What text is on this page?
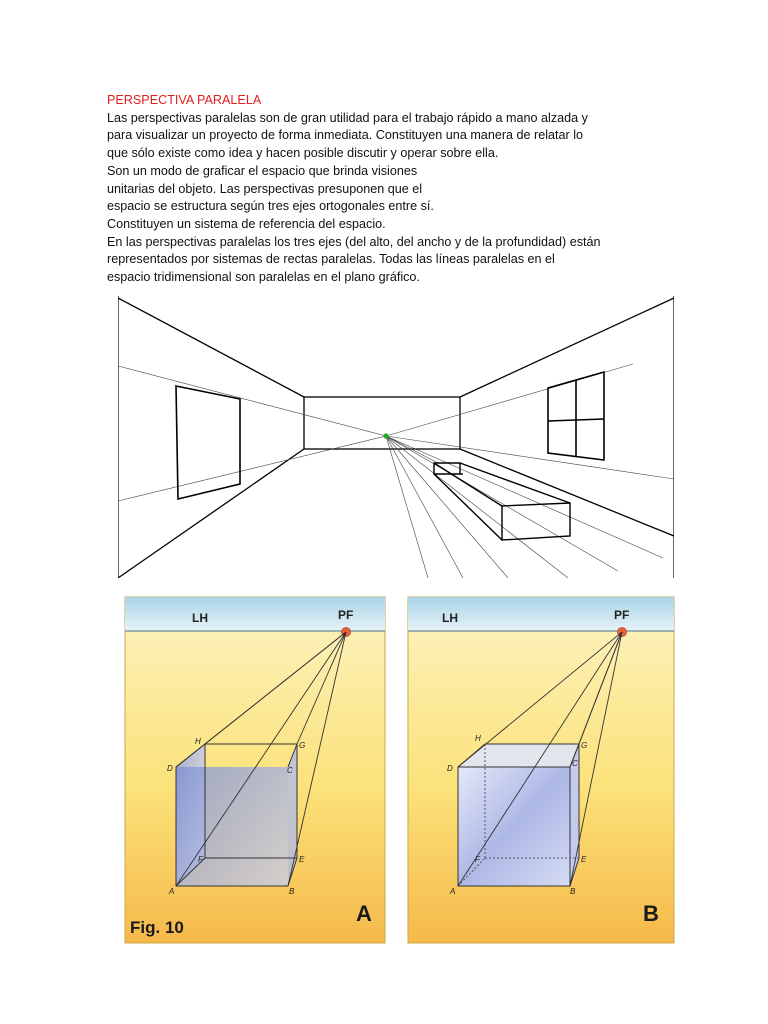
PERSPECTIVA PARALELA
Las perspectivas paralelas son de gran utilidad para el trabajo rápido a mano alzada y
para visualizar un proyecto de forma inmediata. Constituyen una manera de relatar lo
que sólo existe como idea y hacen posible discutir y operar sobre ella.
Son un modo de graficar el espacio que brinda visiones
unitarias del objeto. Las perspectivas presuponen que el
espacio se estructura según tres ejes ortogonales entre sí.
Constituyen un sistema de referencia del espacio.
En las perspectivas paralelas los tres ejes (del alto, del ancho y de la profundidad) están
representados por sistemas de rectas paralelas. Todas las líneas paralelas en el
espacio tridimensional son paralelas en el plano gráfico.
LH	PF
A	B
C
D
E
F
G
H
Fig. 10
A
LH	PF
A	B
C
D
E
F
G
H
B
